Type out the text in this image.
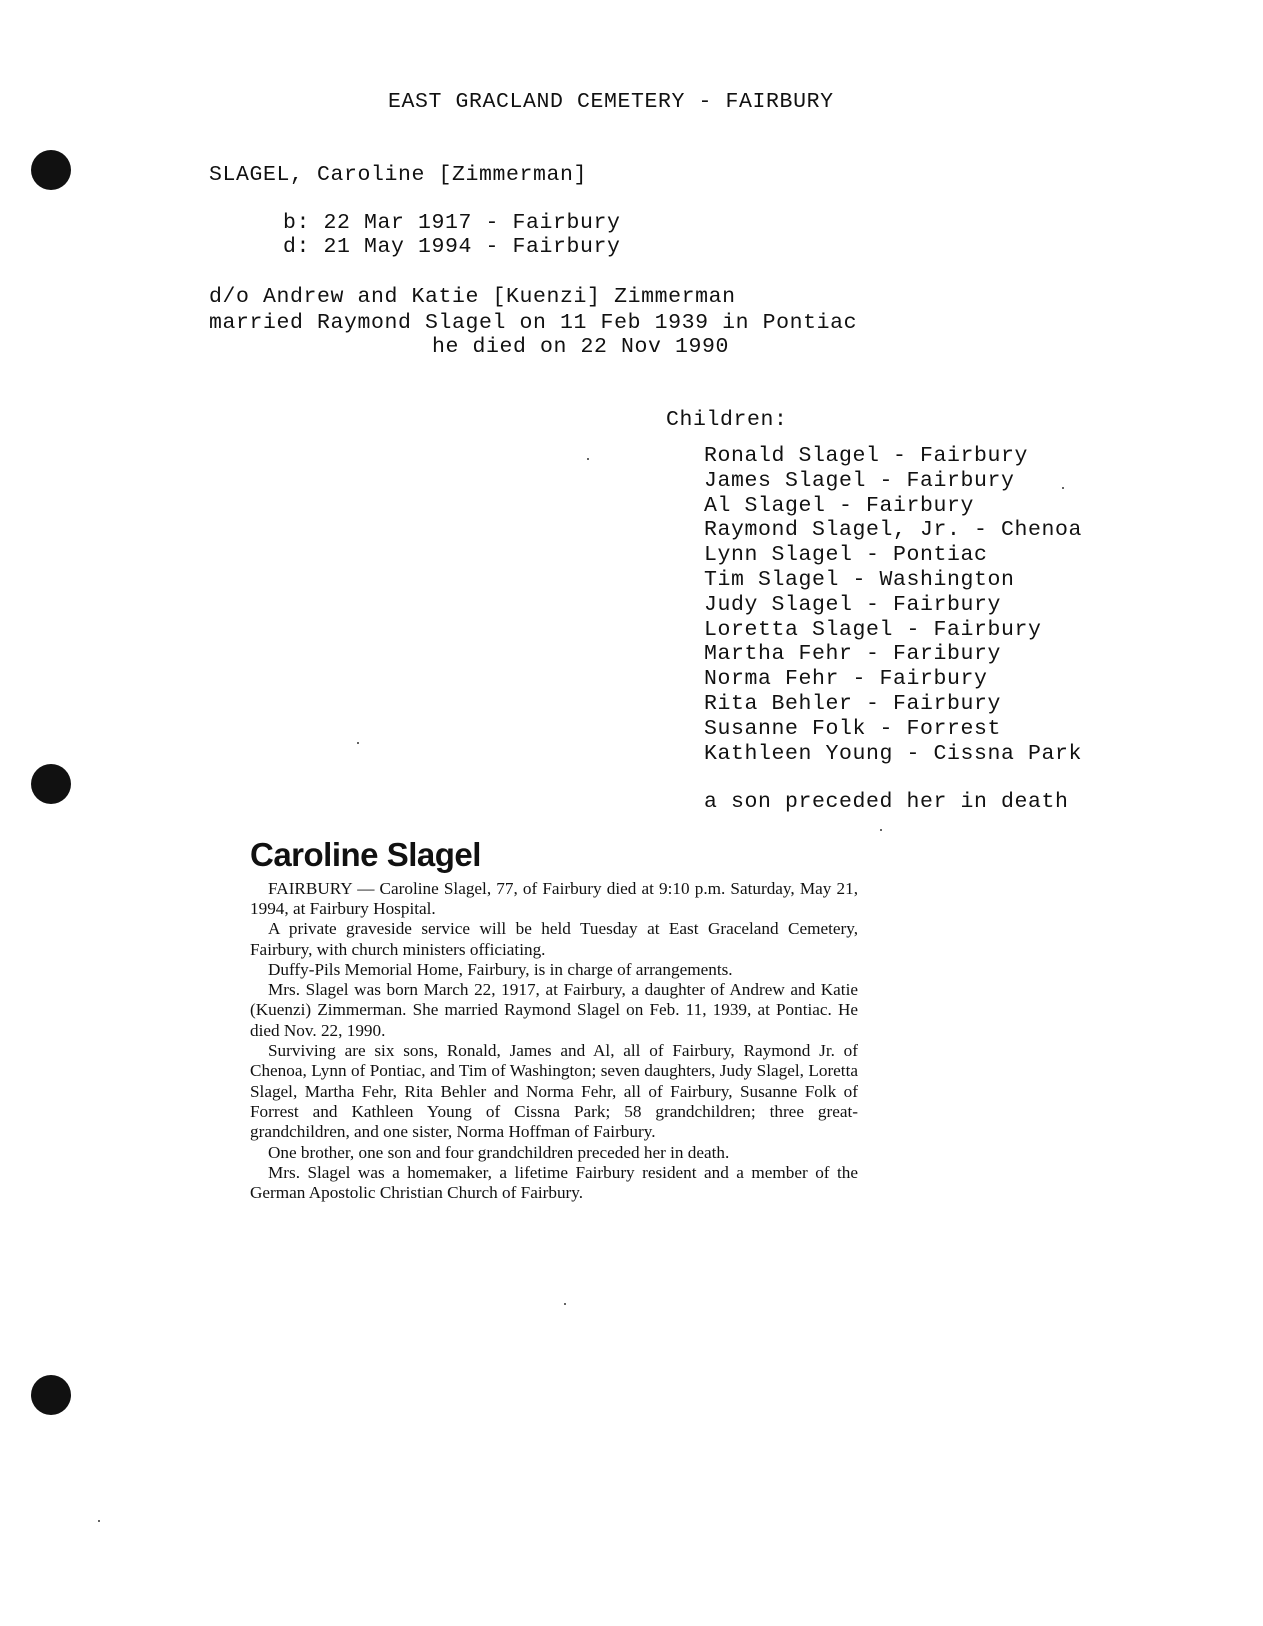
EAST GRACLAND CEMETERY - FAIRBURY
SLAGEL, Caroline [Zimmerman]
b: 22 Mar 1917 - Fairbury
d: 21 May 1994 - Fairbury
d/o Andrew and Katie [Kuenzi] Zimmerman
married Raymond Slagel on 11 Feb 1939 in Pontiac
he died on 22 Nov 1990
Children:
Ronald Slagel - Fairbury
James Slagel - Fairbury
Al Slagel - Fairbury
Raymond Slagel, Jr. - Chenoa
Lynn Slagel - Pontiac
Tim Slagel - Washington
Judy Slagel - Fairbury
Loretta Slagel - Fairbury
Martha Fehr - Faribury
Norma Fehr - Fairbury
Rita Behler - Fairbury
Susanne Folk - Forrest
Kathleen Young - Cissna Park
a son preceded her in death
Caroline Slagel

FAIRBURY — Caroline Slagel, 77, of Fairbury died at 9:10 p.m. Saturday, May 21, 1994, at Fairbury Hospital.

A private graveside service will be held Tuesday at East Graceland Cemetery, Fairbury, with church ministers officiating.

Duffy-Pils Memorial Home, Fairbury, is in charge of arrangements.

Mrs. Slagel was born March 22, 1917, at Fairbury, a daughter of Andrew and Katie (Kuenzi) Zimmerman. She married Raymond Slagel on Feb. 11, 1939, at Pontiac. He died Nov. 22, 1990.

Surviving are six sons, Ronald, James and Al, all of Fairbury, Raymond Jr. of Chenoa, Lynn of Pontiac, and Tim of Washington; seven daughters, Judy Slagel, Loretta Slagel, Martha Fehr, Rita Behler and Norma Fehr, all of Fairbury, Susanne Folk of Forrest and Kathleen Young of Cissna Park; 58 grandchildren; three great-grandchildren, and one sister, Norma Hoffman of Fairbury.

One brother, one son and four grandchildren preceded her in death.

Mrs. Slagel was a homemaker, a lifetime Fairbury resident and a member of the German Apostolic Christian Church of Fairbury.
